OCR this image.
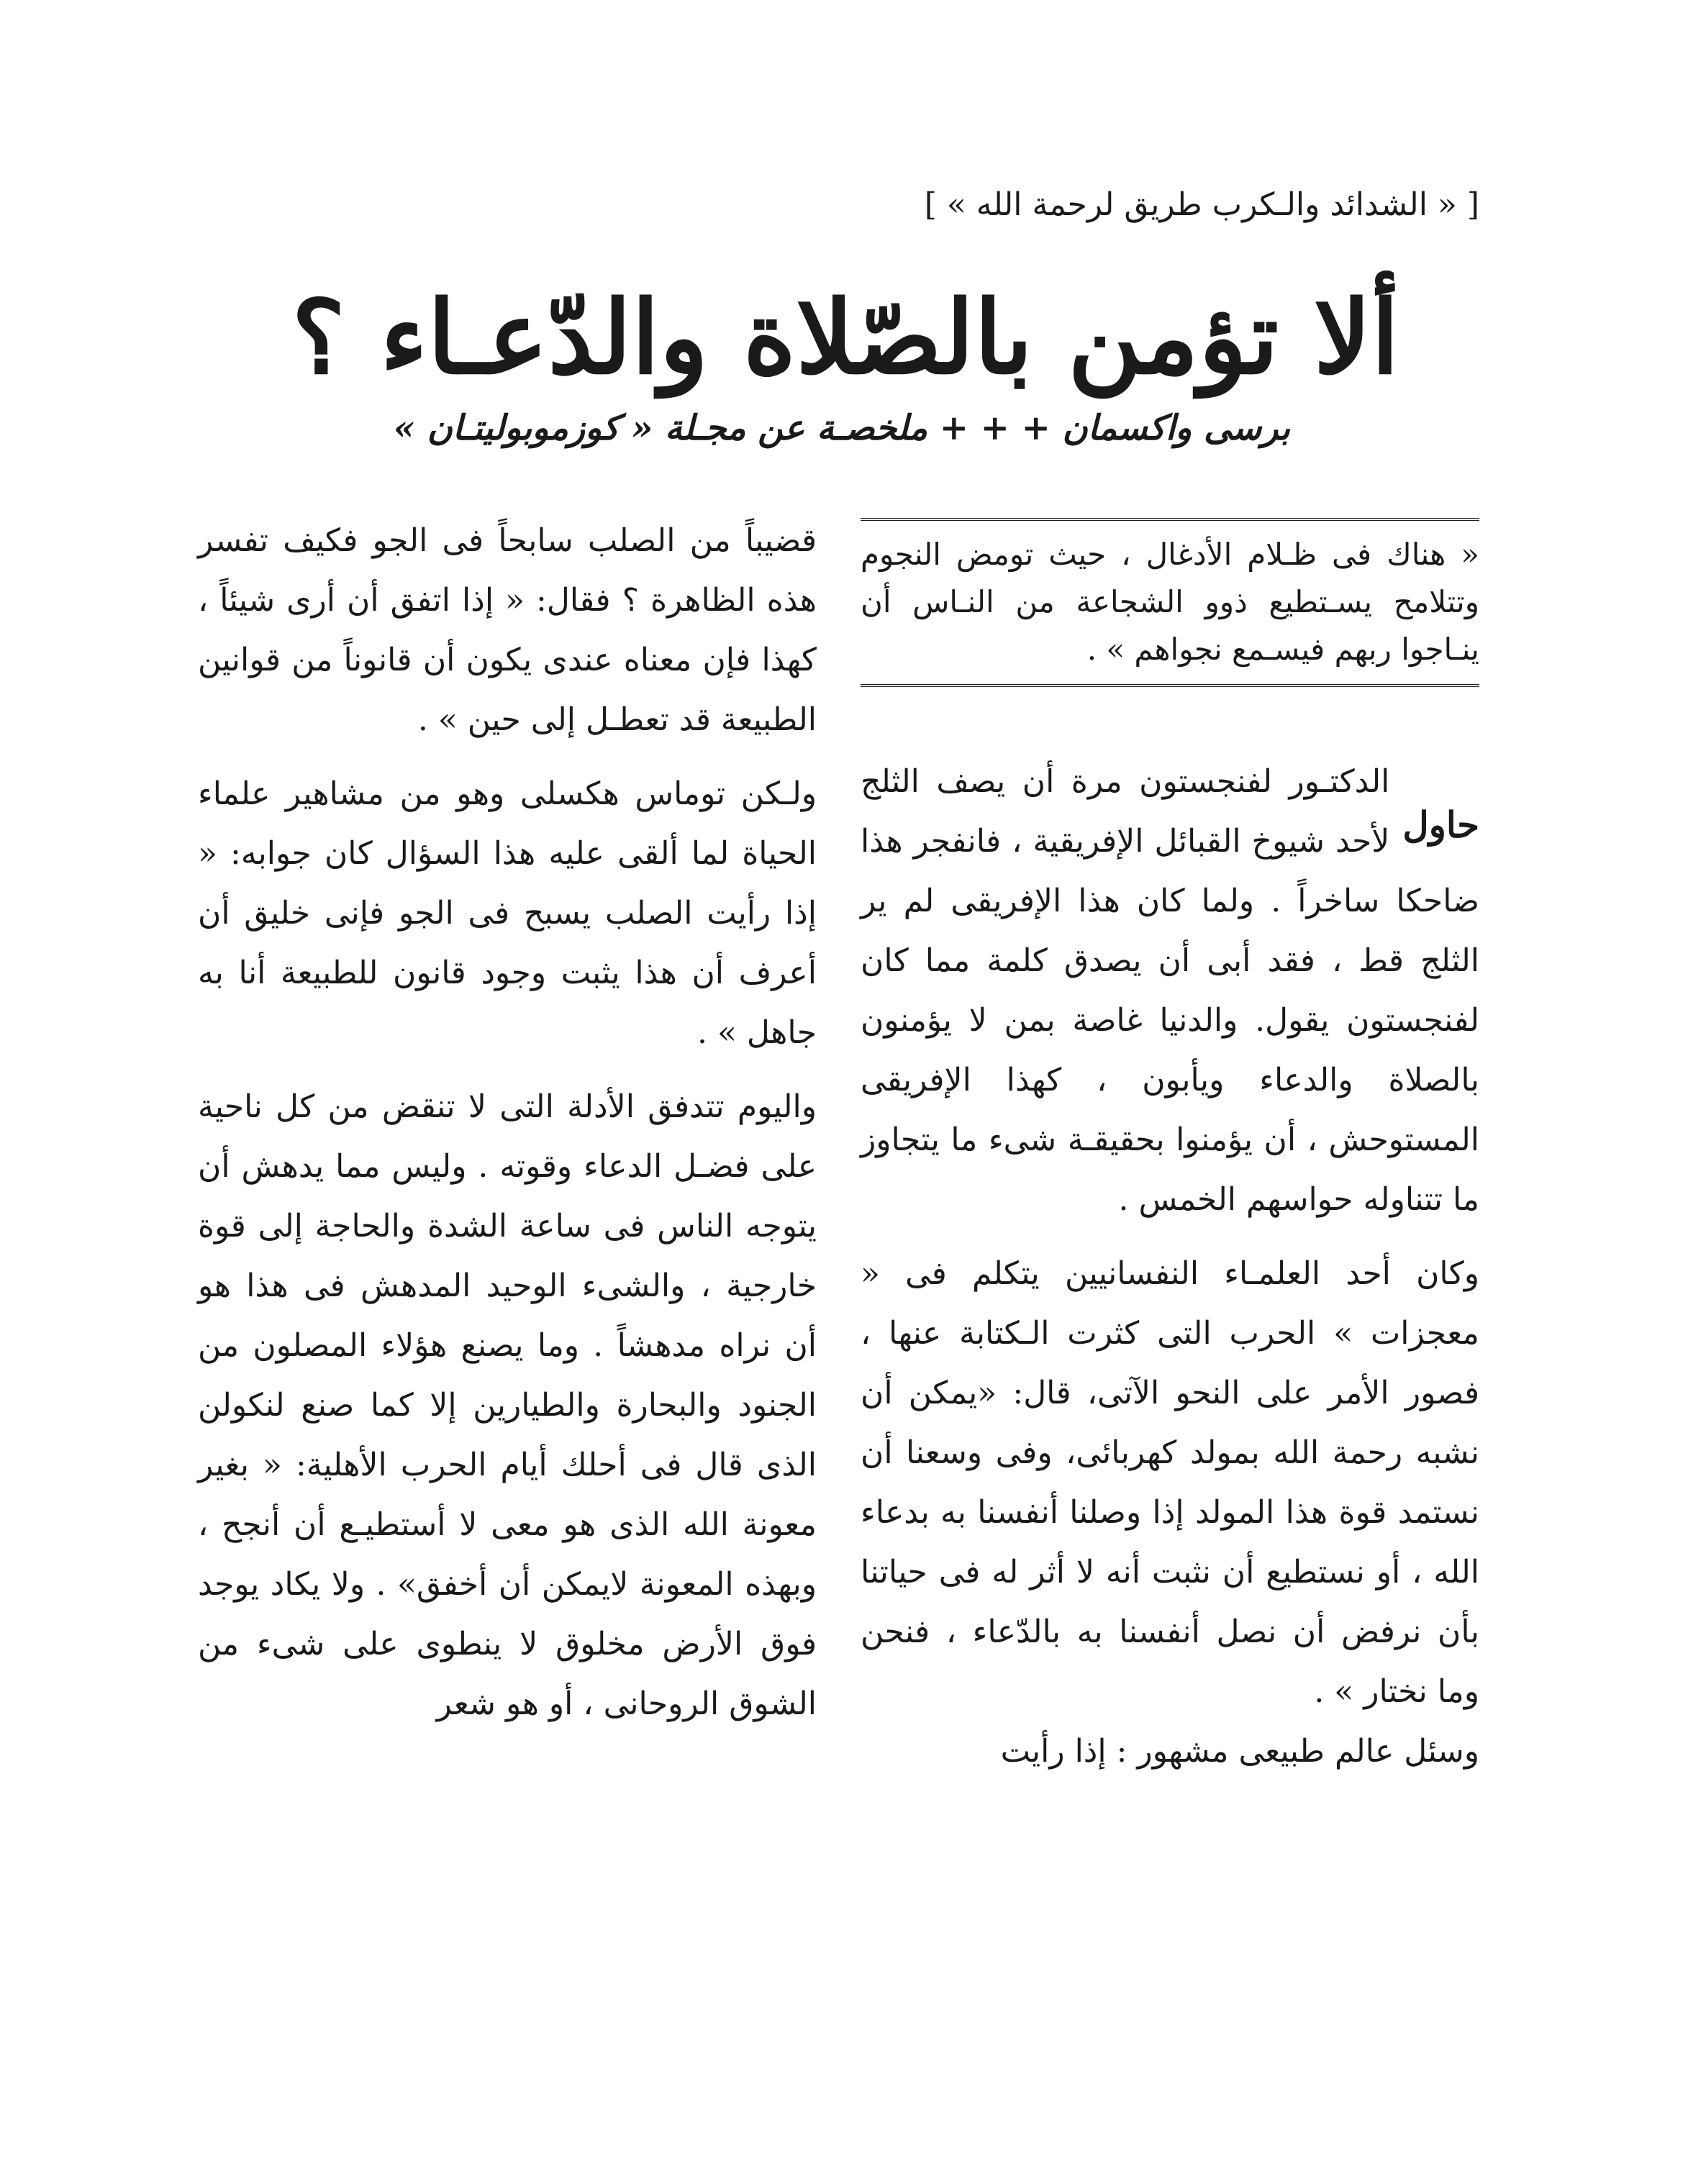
[ « الشدائد والـكرب طريق لرحمة الله » ]
ألا تؤمن بالصّلاة والدّعـاء ؟
برسى واكسمان + + + ملخصـة عن مجـلة « كوزموبوليتـان »
« هناك فى ظـلام الأدغال ، حيث تومض النجوم وتتلامح يسـتطيع ذوو الشجاعة من النـاس أن ينـاجوا ربهم فيسـمع نجواهم » .

حاول
الدكتـور لفنجستون مرة أن يصف الثلج لأحد شيوخ القبائل الإفريقية ، فانفجر هذا ضاحكا ساخراً . ولما كان هذا الإفريقى لم ير الثلج قط ، فقد أبى أن يصدق كلمة مما كان لفنجستون يقول. والدنيا غاصة بمن لا يؤمنون بالصلاة والدعاء ويأبون ، كهذا الإفريقى المستوحش ، أن يؤمنوا بحقيقـة شىء ما يتجاوز ما تتناوله حواسهم الخمس .

وكان أحد العلمـاء النفسانيين يتكلم فى « معجزات » الحرب التى كثرت الـكتابة عنها ، فصور الأمر على النحو الآتى، قال: «يمكن أن نشبه رحمة الله بمولد كهربائى، وفى وسعنا أن نستمد قوة هذا المولد إذا وصلنا أنفسنا به بدعاء الله ، أو نستطيع أن نثبت أنه لا أثر له فى حياتنا بأن نرفض أن نصل أنفسنا به بالدّعاء ، فنحن وما نختار » .

وسئل عالم طبيعى مشهور : إذا رأيت

قضيباً من الصلب سابحاً فى الجو فكيف تفسر هذه الظاهرة ؟ فقال: « إذا اتفق أن أرى شيئاً ، كهذا فإن معناه عندى يكون أن قانوناً من قوانين الطبيعة قد تعطـل إلى حين » .

ولـكن توماس هكسلى وهو من مشاهير علماء الحياة لما ألقى عليه هذا السؤال كان جوابه: « إذا رأيت الصلب يسبح فى الجو فإنى خليق أن أعرف أن هذا يثبت وجود قانون للطبيعة أنا به جاهل » .

واليوم تتدفق الأدلة التى لا تنقض من كل ناحية على فضـل الدعاء وقوته . وليس مما يدهش أن يتوجه الناس فى ساعة الشدة والحاجة إلى قوة خارجية ، والشىء الوحيد المدهش فى هذا هو أن نراه مدهشاً . وما يصنع هؤلاء المصلون من الجنود والبحارة والطيارين إلا كما صنع لنكولن الذى قال فى أحلك أيام الحرب الأهلية: « بغير معونة الله الذى هو معى لا أستطيـع أن أنجح ، وبهذه المعونة لايمكن أن أخفق» . ولا يكاد يوجد فوق الأرض مخلوق لا ينطوى على شىء من الشوق الروحانى ، أو هو شعر
